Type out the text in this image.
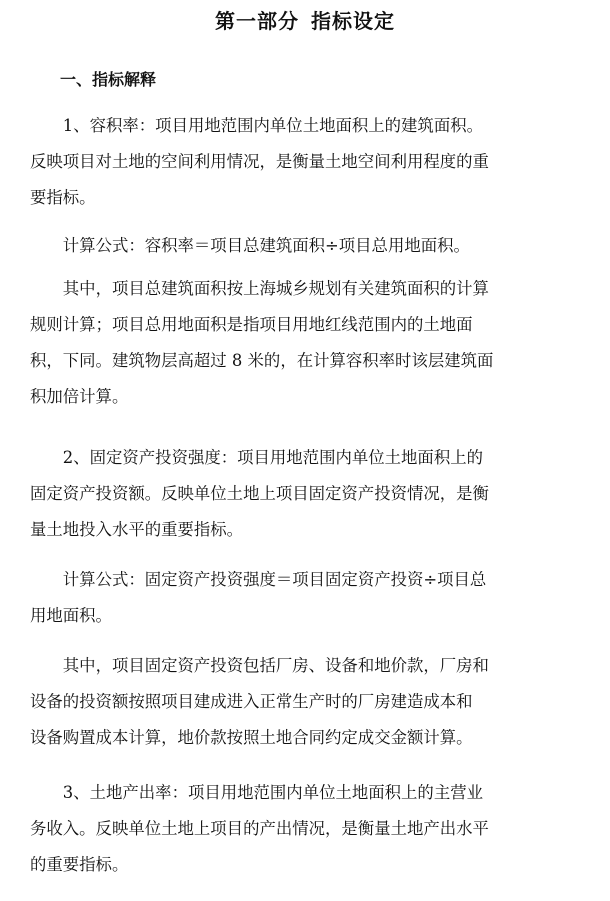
第一部分 指标设定
一、指标解释

1、容积率：项目用地范围内单位土地面积上的建筑面积。
反映项目对土地的空间利用情况，是衡量土地空间利用程度的重
要指标。

计算公式：容积率＝项目总建筑面积÷项目总用地面积。

其中，项目总建筑面积按上海城乡规划有关建筑面积的计算
规则计算；项目总用地面积是指项目用地红线范围内的土地面
积，下同。建筑物层高超过 8 米的，在计算容积率时该层建筑面
积加倍计算。

2、固定资产投资强度：项目用地范围内单位土地面积上的
固定资产投资额。反映单位土地上项目固定资产投资情况，是衡
量土地投入水平的重要指标。

计算公式：固定资产投资强度＝项目固定资产投资÷项目总
用地面积。

其中，项目固定资产投资包括厂房、设备和地价款，厂房和
设备的投资额按照项目建成进入正常生产时的厂房建造成本和
设备购置成本计算，地价款按照土地合同约定成交金额计算。

3、土地产出率：项目用地范围内单位土地面积上的主营业
务收入。反映单位土地上项目的产出情况，是衡量土地产出水平
的重要指标。
